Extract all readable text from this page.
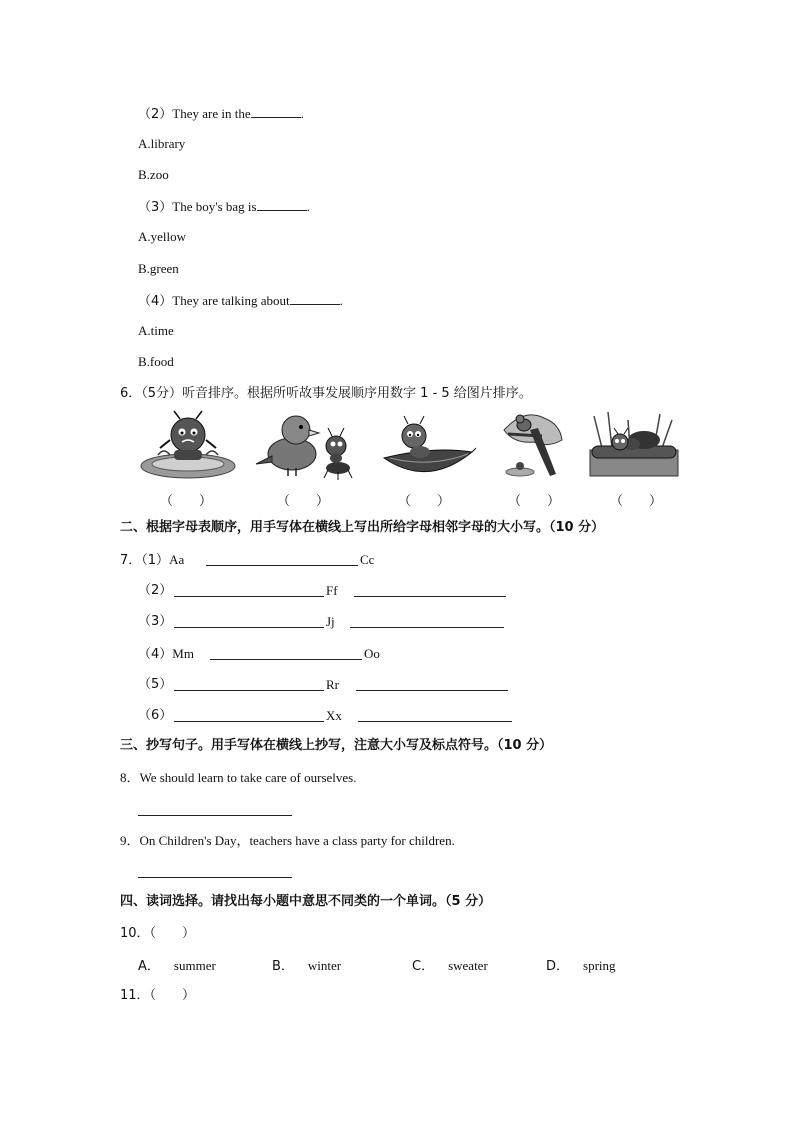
（2）They are in the	.
A.library
B.zoo
（3）The boy's bag is	.
A.yellow
B.green
（4）They are talking about	.
A.time
B.food
6．（5分）听音排序。根据所听故事发展顺序用数字 1 - 5 给图片排序。
（　　）	（　　）	（　　）	（　　）	（　　）
二、根据字母表顺序，用手写体在横线上写出所给字母相邻字母的大小写。（10 分）
7．（1）Aa	Cc
（2）	Ff
（3）	Jj
（4）Mm	Oo
（5）	Rr
（6）	Xx
三、抄写句子。用手写体在横线上抄写，注意大小写及标点符号。（10 分）
8．We should learn to take care of ourselves.
9．On Children's Day，teachers have a class party for children.
四、读词选择。请找出每小题中意思不同类的一个单词。（5 分）
10．（　　）
A． summer	B． winter	C． sweater	D． spring
11．（　　）
